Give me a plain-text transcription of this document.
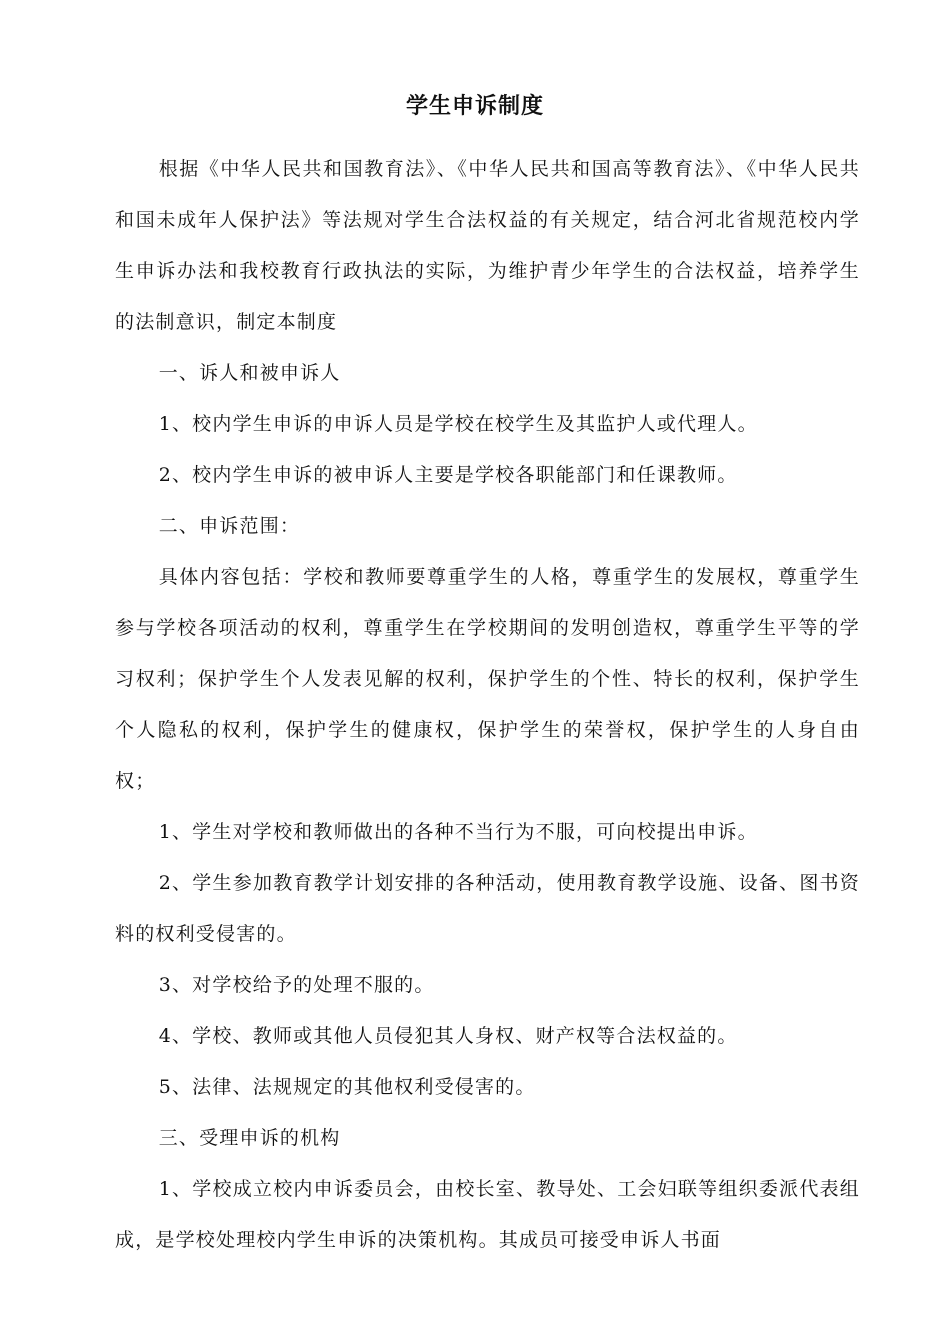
学生申诉制度

根据《中华人民共和国教育法》、《中华人民共和国高等教育法》、《中华人民共和国未成年人保护法》等法规对学生合法权益的有关规定，结合河北省规范校内学生申诉办法和我校教育行政执法的实际，为维护青少年学生的合法权益，培养学生的法制意识，制定本制度

一、诉人和被申诉人

1、校内学生申诉的申诉人员是学校在校学生及其监护人或代理人。

2、校内学生申诉的被申诉人主要是学校各职能部门和任课教师。

二、申诉范围：

具体内容包括：学校和教师要尊重学生的人格，尊重学生的发展权，尊重学生参与学校各项活动的权利，尊重学生在学校期间的发明创造权，尊重学生平等的学习权利；保护学生个人发表见解的权利，保护学生的个性、特长的权利，保护学生个人隐私的权利，保护学生的健康权，保护学生的荣誉权，保护学生的人身自由权；

1、学生对学校和教师做出的各种不当行为不服，可向校提出申诉。

2、学生参加教育教学计划安排的各种活动，使用教育教学设施、设备、图书资料的权利受侵害的。

3、对学校给予的处理不服的。

4、学校、教师或其他人员侵犯其人身权、财产权等合法权益的。

5、法律、法规规定的其他权利受侵害的。

三、受理申诉的机构

1、学校成立校内申诉委员会，由校长室、教导处、工会妇联等组织委派代表组成，是学校处理校内学生申诉的决策机构。其成员可接受申诉人书面
